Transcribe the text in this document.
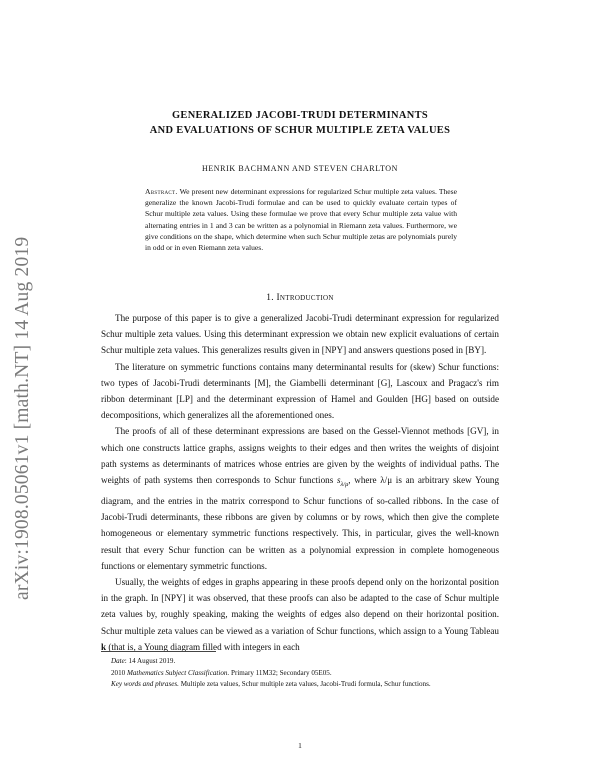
arXiv:1908.05061v1 [math.NT] 14 Aug 2019
GENERALIZED JACOBI-TRUDI DETERMINANTS
AND EVALUATIONS OF SCHUR MULTIPLE ZETA VALUES
HENRIK BACHMANN AND STEVEN CHARLTON
Abstract. We present new determinant expressions for regularized Schur multiple zeta values. These generalize the known Jacobi-Trudi formulae and can be used to quickly evaluate certain types of Schur multiple zeta values. Using these formulae we prove that every Schur multiple zeta value with alternating entries in 1 and 3 can be written as a polynomial in Riemann zeta values. Furthermore, we give conditions on the shape, which determine when such Schur multiple zetas are polynomials purely in odd or in even Riemann zeta values.
1. Introduction

The purpose of this paper is to give a generalized Jacobi-Trudi determinant expression for regularized Schur multiple zeta values. Using this determinant expression we obtain new explicit evaluations of certain Schur multiple zeta values. This generalizes results given in [NPY] and answers questions posed in [BY].

The literature on symmetric functions contains many determinantal results for (skew) Schur functions: two types of Jacobi-Trudi determinants [M], the Giambelli determinant [G], Lascoux and Pragacz's rim ribbon determinant [LP] and the determinant expression of Hamel and Goulden [HG] based on outside decompositions, which generalizes all the aforementioned ones.

The proofs of all of these determinant expressions are based on the Gessel-Viennot methods [GV], in which one constructs lattice graphs, assigns weights to their edges and then writes the weights of disjoint path systems as determinants of matrices whose entries are given by the weights of individual paths. The weights of path systems then corresponds to Schur functions $s_{\lambda/\mu}$, where λ/μ is an arbitrary skew Young diagram, and the entries in the matrix correspond to Schur functions of so-called ribbons. In the case of Jacobi-Trudi determinants, these ribbons are given by columns or by rows, which then give the complete homogeneous or elementary symmetric functions respectively. This, in particular, gives the well-known result that every Schur function can be written as a polynomial expression in complete homogeneous functions or elementary symmetric functions.

Usually, the weights of edges in graphs appearing in these proofs depend only on the horizontal position in the graph. In [NPY] it was observed, that these proofs can also be adapted to the case of Schur multiple zeta values by, roughly speaking, making the weights of edges also depend on their horizontal position. Schur multiple zeta values can be viewed as a variation of Schur functions, which assign to a Young Tableau k (that is, a Young diagram filled with integers in each

Date: 14 August 2019.
2010 Mathematics Subject Classification. Primary 11M32; Secondary 05E05.
Key words and phrases. Multiple zeta values, Schur multiple zeta values, Jacobi-Trudi formula, Schur functions.
1
